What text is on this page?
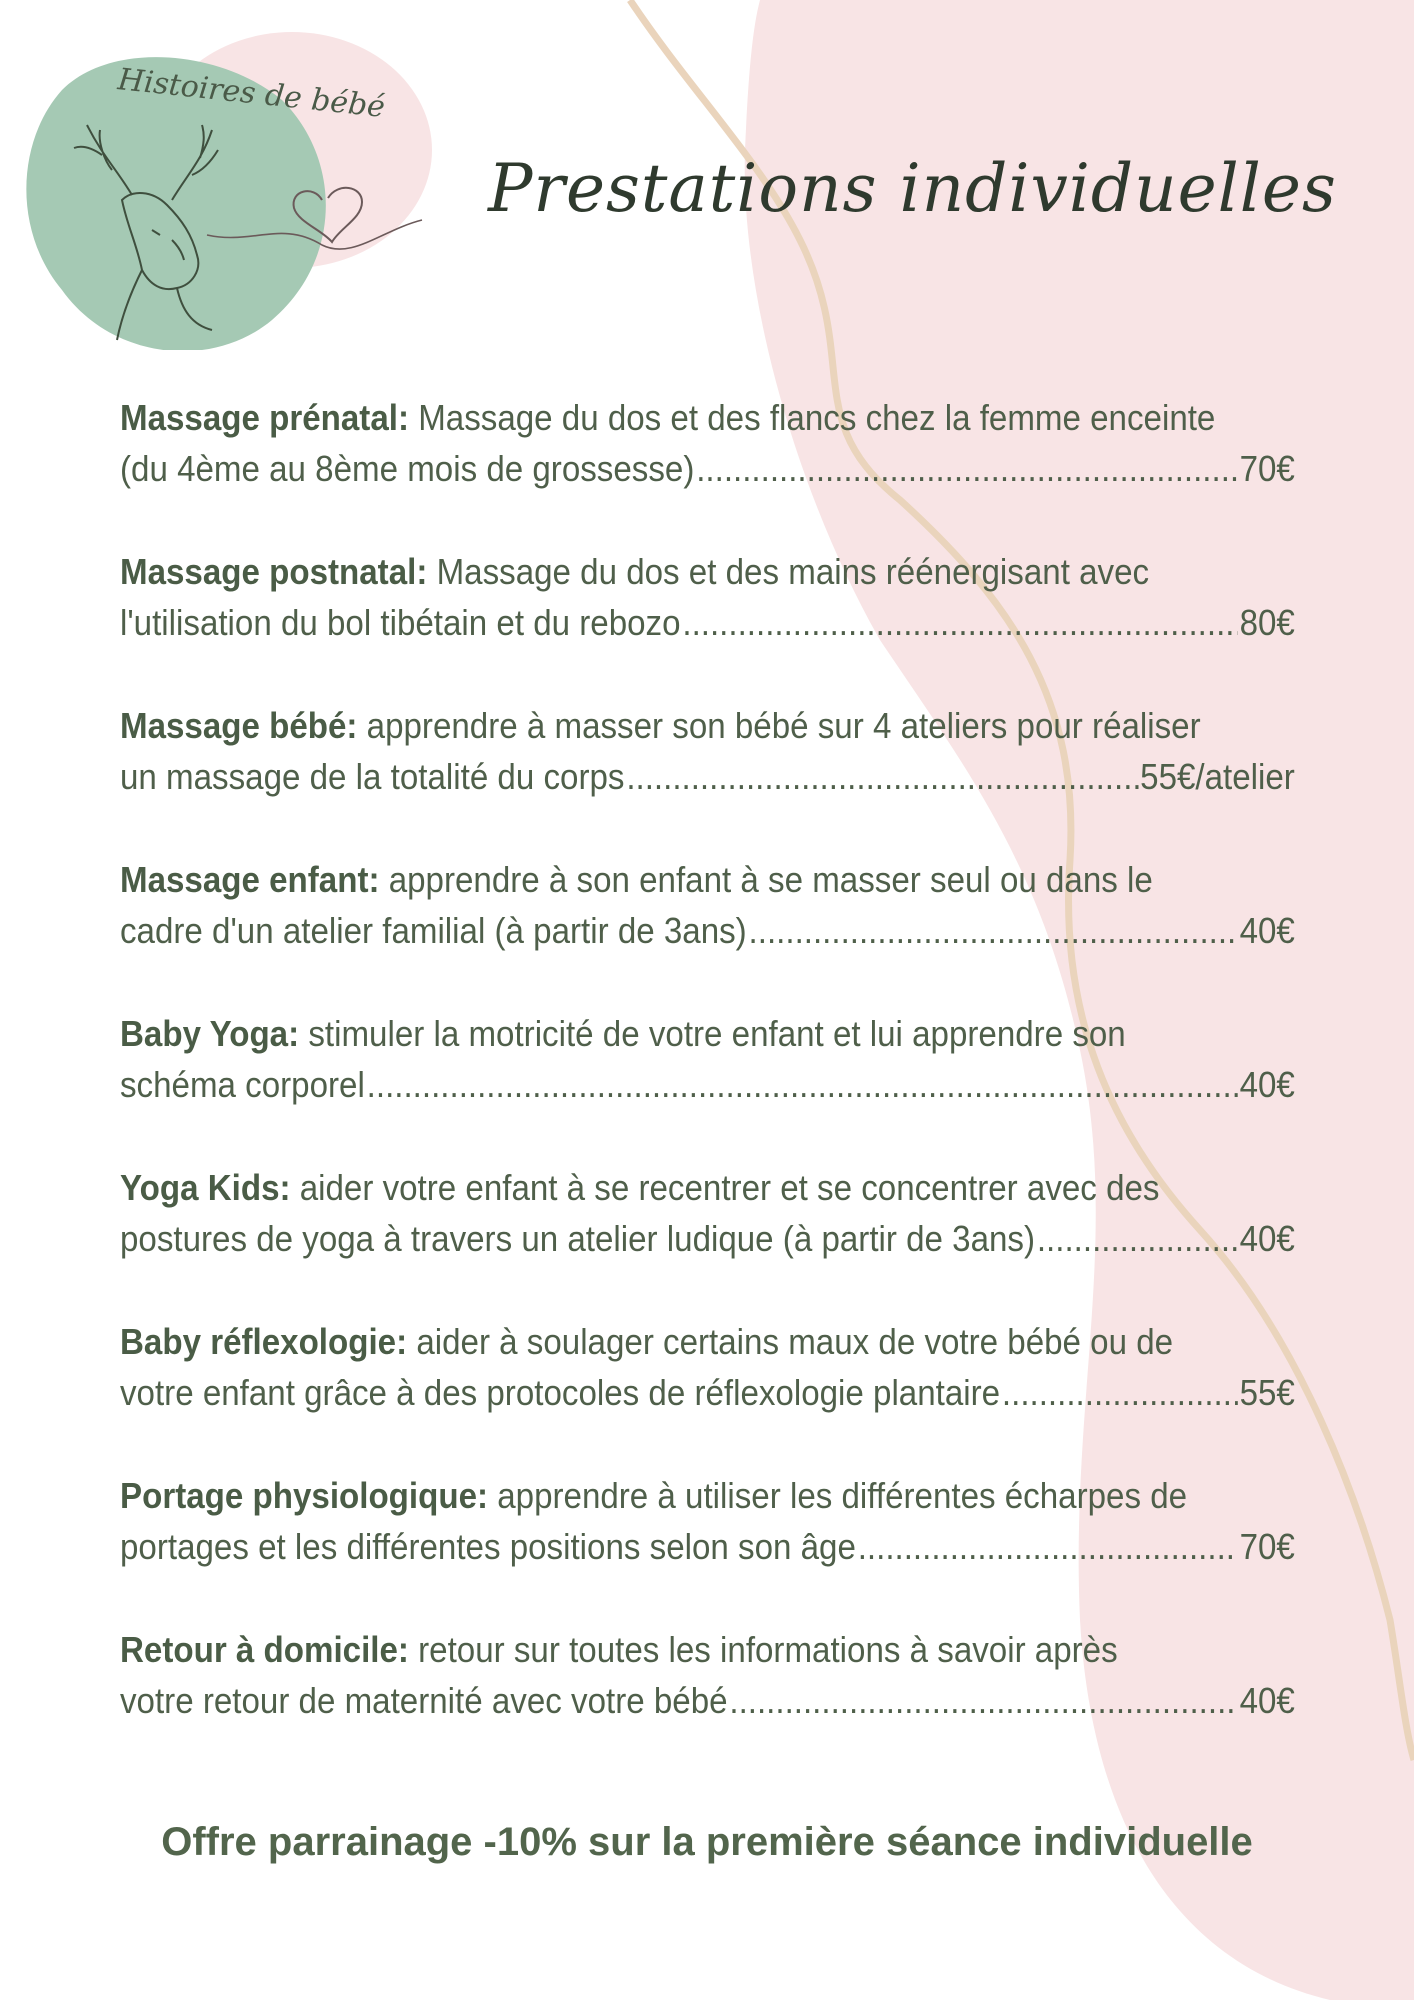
Histoires de bébé
Prestations individuelles

Massage prénatal: Massage du dos et des flancs chez la femme enceinte

(du 4ème au 8ème mois de grossesse) .....	70€

Massage postnatal: Massage du dos et des mains réénergisant avec

l'utilisation du bol tibétain et du rebozo .....	80€

Massage bébé: apprendre à masser son bébé sur 4 ateliers pour réaliser

un massage de la totalité du corps .....	55€/atelier

Massage enfant: apprendre à son enfant à se masser seul ou dans le

cadre d'un atelier familial (à partir de 3ans) .....	40€

Baby Yoga: stimuler la motricité de votre enfant et lui apprendre son

schéma corporel .....	40€

Yoga Kids: aider votre enfant à se recentrer et se concentrer avec des

postures de yoga à travers un atelier ludique (à partir de 3ans) .....	40€

Baby réflexologie: aider à soulager certains maux de votre bébé ou de

votre enfant grâce à des protocoles de réflexologie plantaire .....	55€

Portage physiologique: apprendre à utiliser les différentes écharpes de

portages et les différentes positions selon son âge .....	70€

Retour à domicile: retour sur toutes les informations à savoir après

votre retour de maternité avec votre bébé .....	40€
Offre parrainage -10% sur la première séance individuelle
